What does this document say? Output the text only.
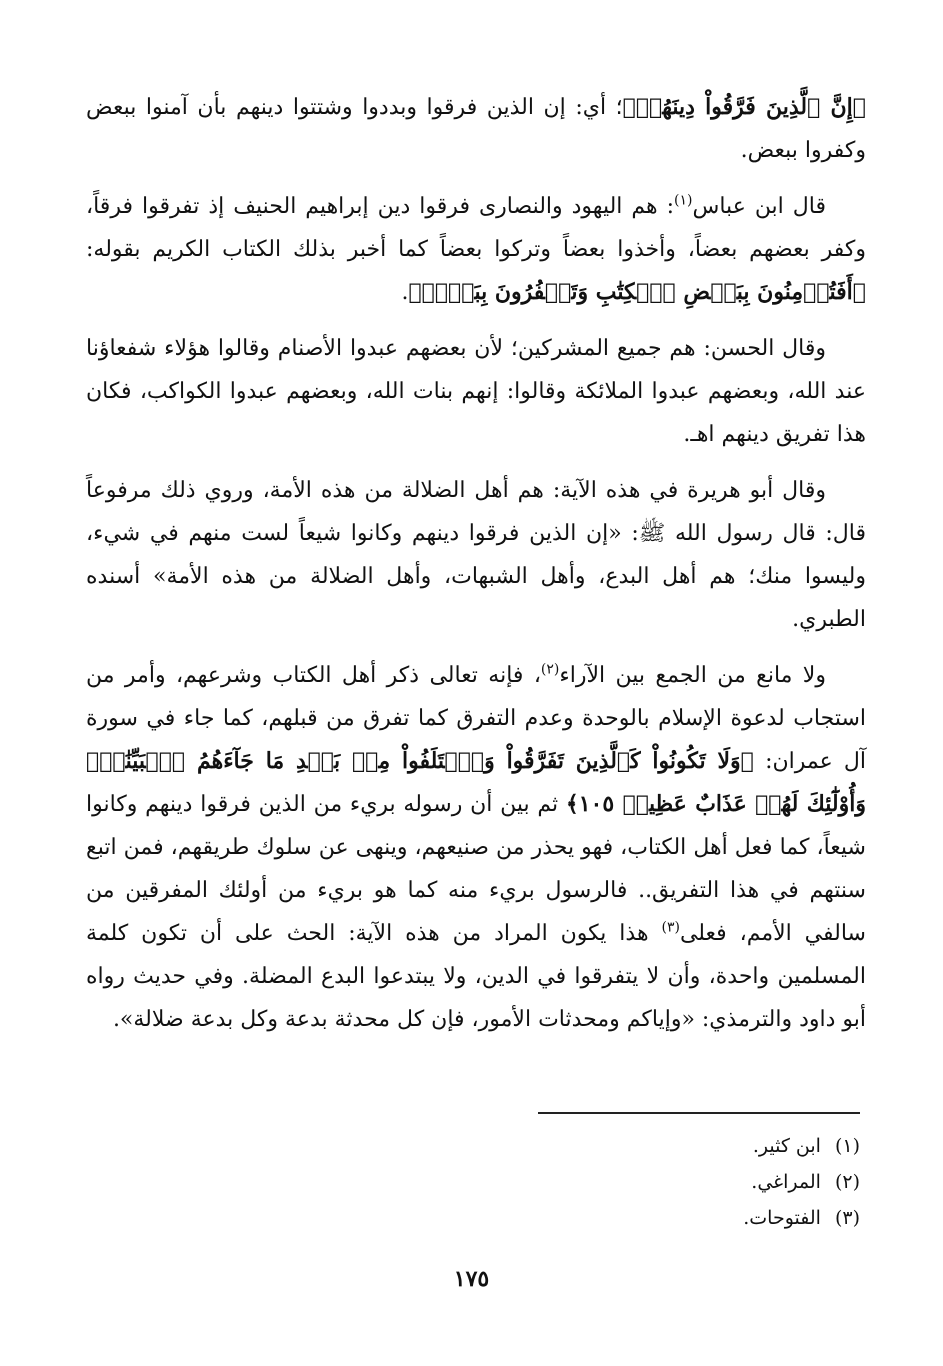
﴿إِنَّ ٱلَّذِينَ فَرَّقُواْ دِينَهُمۡ﴾؛ أي: إن الذين فرقوا وبددوا وشتتوا دينهم بأن آمنوا ببعض وكفروا ببعض.

قال ابن عباس$^{(١)}$: هم اليهود والنصارى فرقوا دين إبراهيم الحنيف إذ تفرقوا فرقاً، وكفر بعضهم بعضاً، وأخذوا بعضاً وتركوا بعضاً كما أخبر بذلك الكتاب الكريم بقوله: ﴿أَفَتُؤۡمِنُونَ بِبَعۡضِ ٱلۡكِتَٰبِ وَتَكۡفُرُونَ بِبَعۡضٖ﴾.

وقال الحسن: هم جميع المشركين؛ لأن بعضهم عبدوا الأصنام وقالوا هؤلاء شفعاؤنا عند الله، وبعضهم عبدوا الملائكة وقالوا: إنهم بنات الله، وبعضهم عبدوا الكواكب، فكان هذا تفريق دينهم اهـ.

وقال أبو هريرة في هذه الآية: هم أهل الضلالة من هذه الأمة، وروي ذلك مرفوعاً قال: قال رسول الله ﷺ: «إن الذين فرقوا دينهم وكانوا شيعاً لست منهم في شيء، وليسوا منك؛ هم أهل البدع، وأهل الشبهات، وأهل الضلالة من هذه الأمة» أسنده الطبري.

ولا مانع من الجمع بين الآراء$^{(٢)}$، فإنه تعالى ذكر أهل الكتاب وشرعهم، وأمر من استجاب لدعوة الإسلام بالوحدة وعدم التفرق كما تفرق من قبلهم، كما جاء في سورة آل عمران: ﴿وَلَا تَكُونُواْ كَٱلَّذِينَ تَفَرَّقُواْ وَٱخۡتَلَفُواْ مِنۢ بَعۡدِ مَا جَآءَهُمُ ٱلۡبَيِّنَٰتُۚ وَأُوْلَٰٓئِكَ لَهُمۡ عَذَابٌ عَظِيمٞ ١٠٥﴾ ثم بين أن رسوله بريء من الذين فرقوا دينهم وكانوا شيعاً، كما فعل أهل الكتاب، فهو يحذر من صنيعهم، وينهى عن سلوك طريقهم، فمن اتبع سنتهم في هذا التفريق.. فالرسول بريء منه كما هو بريء من أولئك المفرقين من سالفي الأمم، فعلى$^{(٣)}$ هذا يكون المراد من هذه الآية: الحث على أن تكون كلمة المسلمين واحدة، وأن لا يتفرقوا في الدين، ولا يبتدعوا البدع المضلة. وفي حديث رواه أبو داود والترمذي: «وإياكم ومحدثات الأمور، فإن كل محدثة بدعة وكل بدعة ضلالة».

(١)ابن كثير.

(٢)المراغي.

(٣)الفتوحات.

١٧٥
